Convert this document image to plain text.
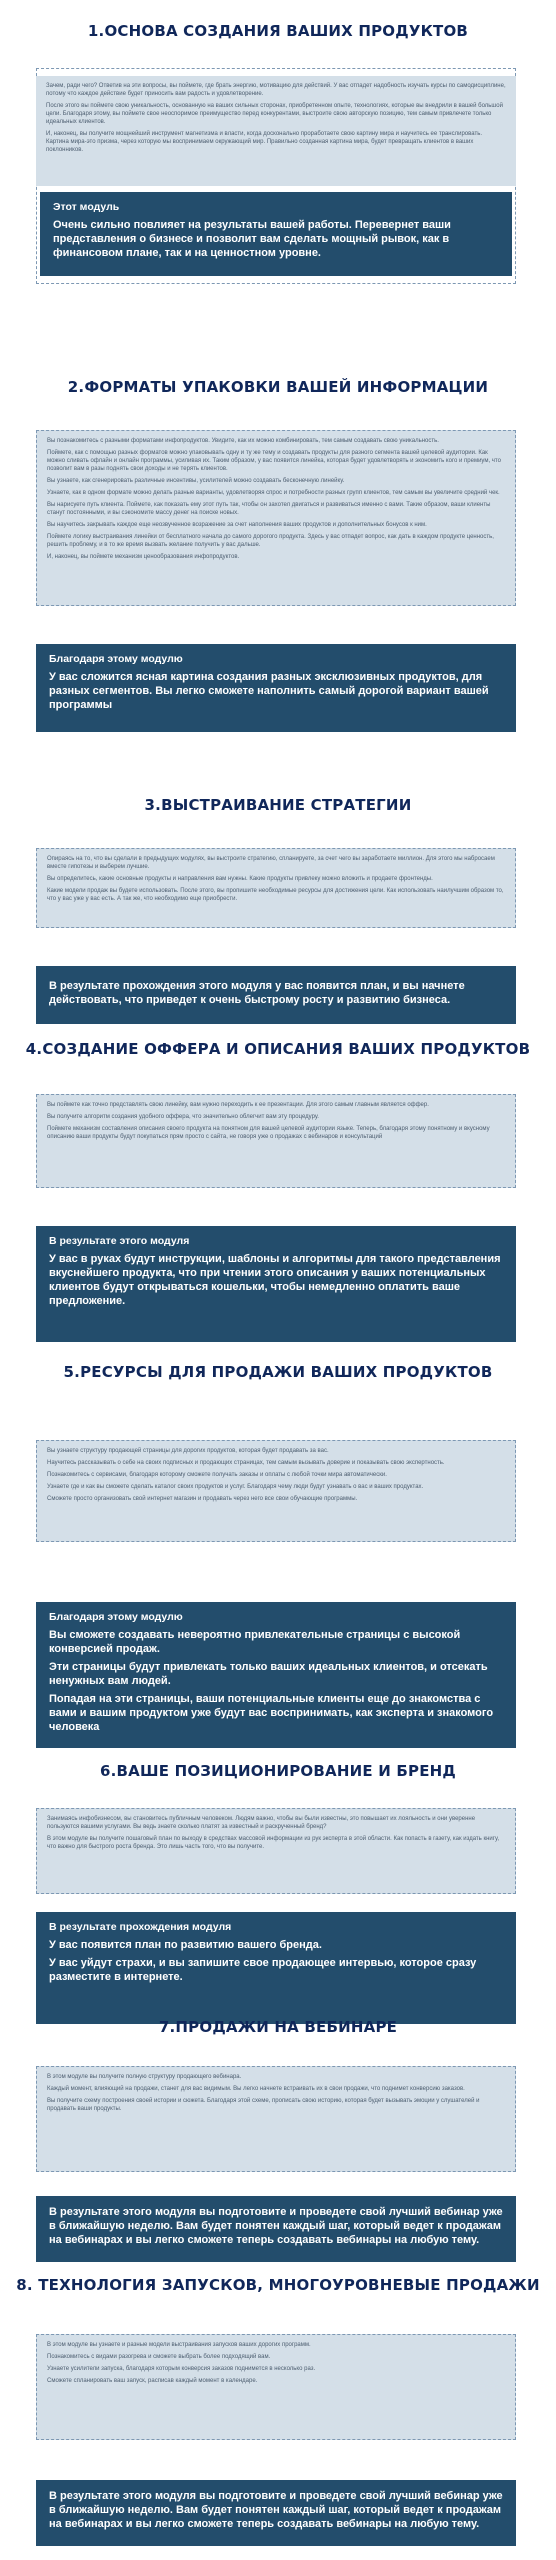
1.ОСНОВА СОЗДАНИЯ ВАШИХ ПРОДУКТОВ

Зачем, ради чего? Ответив на эти вопросы, вы поймете, где брать энергию, мотивацию для действий. У вас отпадет надобность изучать курсы по самодисциплине, потому что каждое действие будет приносить вам радость и удовлетворение.

После этого вы поймете свою уникальность, основанную на ваших сильных сторонах, приобретенном опыте, технологиях, которые вы внедрили в вашей большой цели. Благодаря этому, вы поймете свое неоспоримое преимущество перед конкурентами, выстроите свою авторскую позицию, тем самым привлечете только идеальных клиентов.

И, наконец, вы получите мощнейший инструмент магнетизма и власти, когда досконально проработаете свою картину мира и научитесь ее транслировать. Картина мира-это призма, через которую мы воспринимаем окружающий мир. Правильно созданная картина мира, будет превращать клиентов в ваших поклонников.

Этот модуль

Очень сильно повлияет на результаты вашей работы. Перевернет ваши представления о бизнесе и позволит вам сделать мощный рывок, как в финансовом плане, так и на ценностном уровне.

2.ФОРМАТЫ УПАКОВКИ ВАШЕЙ ИНФОРМАЦИИ

Вы познакомитесь с разными форматами инфопродуктов. Увидите, как их можно комбинировать, тем самым создавать свою уникальность.

Поймете, как с помощью разных форматов можно упаковывать одну и ту же тему и создавать продукты для разного сегмента вашей целевой аудитории. Как можно сливать офлайн и онлайн программы, усиливая их. Таким образом, у вас появится линейка, которая будет удовлетворять и экономить кого и премиум, что позволит вам в разы поднять свои доходы и не терять клиентов.

Вы узнаете, как сгенерировать различные инсентивы, усилителей можно создавать бесконечную линейку.

Узнаете, как в одном формате можно делать разные варианты, удовлетворяя спрос и потребности разных групп клиентов, тем самым вы увеличите средний чек.

Вы нарисуете путь клиента. Поймете, как показать ему этот путь так, чтобы он захотел двигаться и развиваться именно с вами. Такие образом, ваши клиенты станут постоянными, и вы сэкономите массу денег на поиске новых.

Вы научитесь закрывать каждое еще неозвученное возражение за счет наполнения ваших продуктов и дополнительных бонусов к ним.

Поймете логику выстраивания линейки от бесплатного начала до самого дорогого продукта. Здесь у вас отпадет вопрос, как дать в каждом продукте ценность, решить проблему, и в то же время вызвать желание получить у вас дальше.

И, наконец, вы поймете механизм ценообразования инфопродуктов.

Благодаря этому модулю

У вас сложится ясная картина создания разных эксклюзивных продуктов, для разных сегментов. Вы легко сможете наполнить самый дорогой вариант вашей программы

3.ВЫСТРАИВАНИЕ СТРАТЕГИИ

Опираясь на то, что вы сделали в предыдущих модулях, вы выстроите стратегию, спланируете, за счет чего вы заработаете миллион. Для этого мы набросаем вместе гипотезы и выберем лучшие.

Вы определитесь, какие основные продукты и направления вам нужны. Какие продукты привлеку можно вложить и продаете фронтенды.

Какие модели продаж вы будете использовать. После этого, вы пропишите необходимые ресурсы для достижения цели. Как использовать наилучшим образом то, что у вас уже у вас есть. А так же, что необходимо еще приобрести.

В результате прохождения этого модуля у вас появится план, и вы начнете действовать, что приведет к очень быстрому росту и развитию бизнеса.

4.СОЗДАНИЕ ОФФЕРА И ОПИСАНИЯ ВАШИХ ПРОДУКТОВ

Вы поймете как точно представлять свою линейку, вам нужно переходить к ее презентации. Для этого самым главным является оффер.

Вы получите алгоритм создания удобного оффера, что значительно облегчит вам эту процедуру.

Поймете механизм составления описания своего продукта на понятном для вашей целевой аудитории языке. Теперь, благодаря этому понятному и вкусному описанию ваши продукты будут покупаться прям просто с сайта, не говоря уже о продажах с вебинаров и консультаций

В результате этого модуля

У вас в руках будут инструкции, шаблоны и алгоритмы для такого представления вкуснейшего продукта, что при чтении этого описания у ваших потенциальных клиентов будут открываться кошельки, чтобы немедленно оплатить ваше предложение.

5.РЕСУРСЫ ДЛЯ ПРОДАЖИ ВАШИХ ПРОДУКТОВ

Вы узнаете структуру продающей страницы для дорогих продуктов, которая будет продавать за вас.

Научитесь рассказывать о себе на своих подписных и продающих страницах, тем самым вызывать доверие и показывать свою экспертность.

Познакомитесь с сервисами, благодаря которому сможете получать заказы и оплаты с любой точки мира автоматически.

Узнаете где и как вы сможете сделать каталог своих продуктов и услуг. Благодаря чему люди будут узнавать о вас и ваших продуктах.

Сможете просто организовать свой интернет магазин и продавать через него все свои обучающие программы.

Благодаря этому модулю

Вы сможете создавать невероятно привлекательные страницы с высокой конверсией продаж.

Эти страницы будут привлекать только ваших идеальных клиентов, и отсекать ненужных вам людей.

Попадая на эти страницы, ваши потенциальные клиенты еще до знакомства с вами и вашим продуктом уже будут вас воспринимать, как эксперта и знакомого человека

6.ВАШЕ ПОЗИЦИОНИРОВАНИЕ И БРЕНД

Занимаясь инфобизнесом, вы становитесь публичным человеком. Людям важно, чтобы вы были известны, это повышает их лояльность и они уверенне пользуются вашими услугами. Вы ведь знаете сколько платят за известный и раскрученный бренд?

В этом модуле вы получите пошаговый план по выходу в средствах массовой информации из рук эксперта в этой области. Как попасть в газету, как издать книгу, что важно для быстрого роста бренда. Это лишь часть того, что вы получите.

В результате прохождения модуля

У вас появится план по развитию вашего бренда.

У вас уйдут страхи, и вы запишите свое продающее интервью, которое сразу разместите в интернете.

7.ПРОДАЖИ НА ВЕБИНАРЕ

В этом модуле вы получите полную структуру продающего вебинара.

Каждый момент, влияющий на продажи, станет для вас видимым. Вы легко начнете встраивать их в свои продажи, что поднимет конверсию заказов.

Вы получите схему построения своей истории и сюжета. Благодаря этой схеме, прописать свою историю, которая будет вызывать эмоции у слушателей и продавать ваши продукты.

В результате этого модуля вы подготовите и проведете свой лучший вебинар уже в ближайшую неделю. Вам будет понятен каждый шаг, который ведет к продажам на вебинарах и вы легко сможете теперь создавать вебинары на любую тему.

8. ТЕХНОЛОГИЯ ЗАПУСКОВ, МНОГОУРОВНЕВЫЕ ПРОДАЖИ

В этом модуле вы узнаете и разные модели выстраивания запусков ваших дорогих программ.

Познакомитесь с видами разогрева и сможете выбрать более подходящий вам.

Узнаете усилители запуска, благодаря которым конверсия заказов поднимется в несколько раз.

Сможете спланировать ваш запуск, расписав каждый момент в календаре.

В результате этого модуля вы подготовите и проведете свой лучший вебинар уже в ближайшую неделю. Вам будет понятен каждый шаг, который ведет к продажам на вебинарах и вы легко сможете теперь создавать вебинары на любую тему.
